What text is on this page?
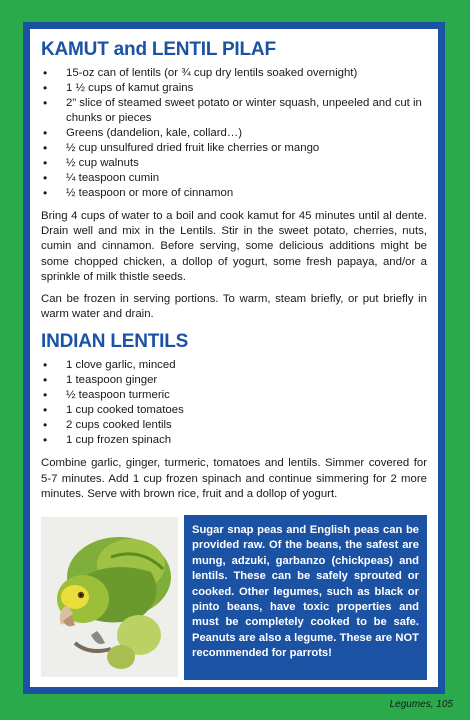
KAMUT and LENTIL PILAF
• 15-oz can of lentils (or ¾ cup dry lentils soaked overnight)
• 1 ½ cups of kamut grains
• 2” slice of steamed sweet potato or winter squash, unpeeled and cut in chunks or pieces
• Greens (dandelion, kale, collard…)
• ½ cup unsulfured dried fruit like cherries or mango
• ½ cup walnuts
• ¼ teaspoon cumin
• ½ teaspoon or more of cinnamon

Bring 4 cups of water to a boil and cook kamut for 45 minutes until al dente. Drain well and mix in the Lentils. Stir in the sweet potato, cherries, nuts, cumin and cinnamon. Before serving, some delicious additions might be some chopped chicken, a dollop of yogurt, some fresh papaya, and/or a sprinkle of milk thistle seeds.

Can be frozen in serving portions. To warm, steam briefly, or put briefly in warm water and drain.

INDIAN LENTILS
• 1 clove garlic, minced
• 1 teaspoon ginger
• ½ teaspoon turmeric
• 1 cup cooked tomatoes
• 2 cups cooked lentils
• 1 cup frozen spinach

Combine garlic, ginger, turmeric, tomatoes and lentils. Simmer covered for 5-7 minutes. Add 1 cup frozen spinach and continue simmering for 2 more minutes. Serve with brown rice, fruit and a dollop of yogurt.

Sugar snap peas and English peas can be provided raw. Of the beans, the safest are mung, adzuki, garbanzo (chickpeas) and lentils. These can be safely sprouted or cooked. Other legumes, such as black or pinto beans, have toxic properties and must be completely cooked to be safe. Peanuts are also a legume. These are NOT recommended for parrots!
Legumes, 105
